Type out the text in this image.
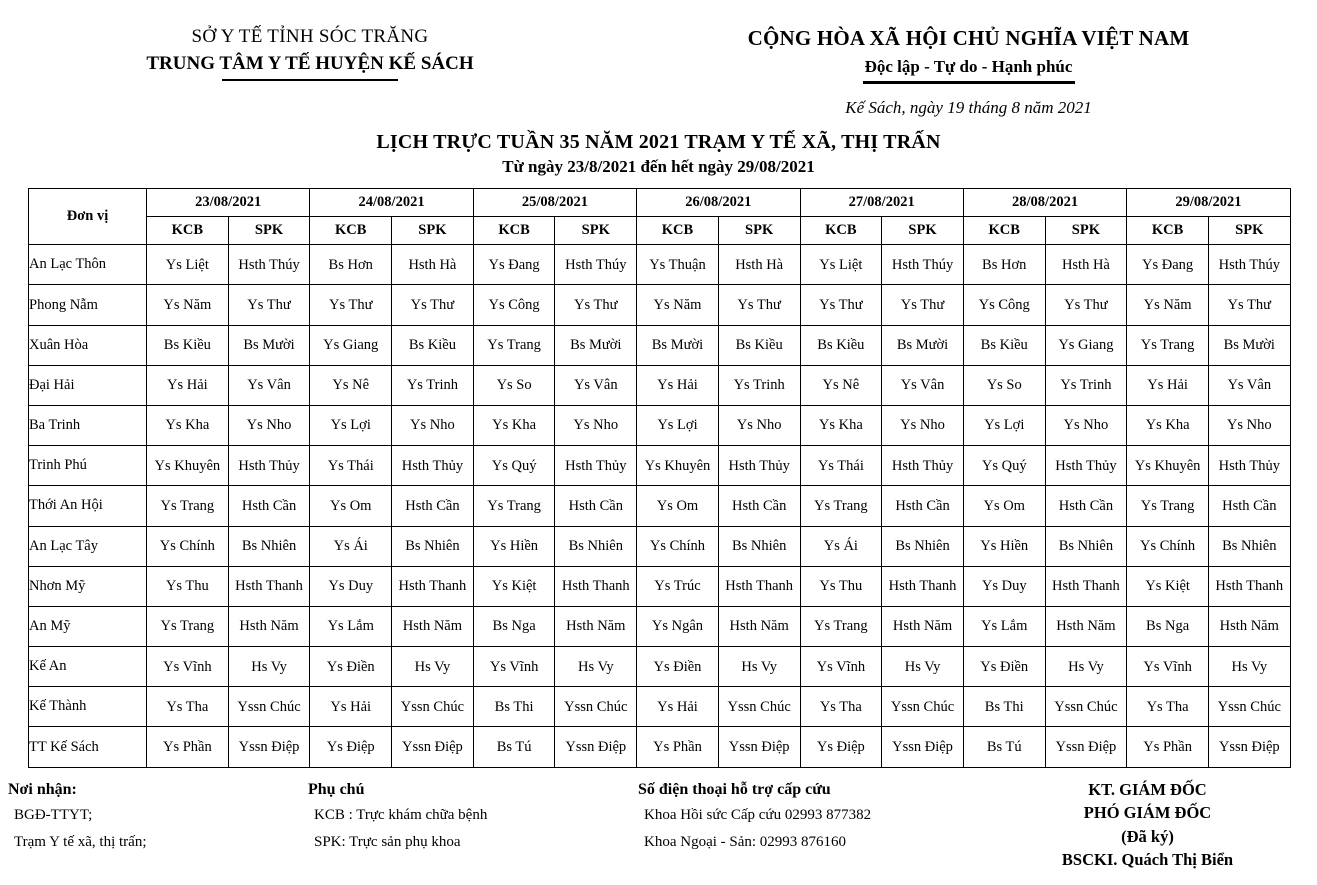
SỞ Y TẾ TỈNH SÓC TRĂNG
TRUNG TÂM Y TẾ HUYỆN KẾ SÁCH
CỘNG HÒA XÃ HỘI CHỦ NGHĨA VIỆT NAM
Độc lập - Tự do - Hạnh phúc
Kế Sách, ngày 19 tháng 8 năm 2021
LỊCH TRỰC TUẦN 35 NĂM 2021 TRẠM Y TẾ XÃ, THỊ TRẤN
Từ ngày 23/8/2021 đến hết ngày 29/08/2021
Đơn vị	23/08/2021		24/08/2021		25/08/2021		26/08/2021		27/08/2021		28/08/2021		29/08/2021	
	KCB	SPK	KCB	SPK	KCB	SPK	KCB	SPK	KCB	SPK	KCB	SPK	KCB	SPK
An Lạc Thôn	Ys Liệt	Hsth Thúy	Bs Hơn	Hsth Hà	Ys Đang	Hsth Thúy	Ys Thuận	Hsth Hà	Ys Liệt	Hsth Thúy	Bs Hơn	Hsth Hà	Ys Đang	Hsth Thúy
Phong Nẫm	Ys Năm	Ys Thư	Ys Thư	Ys Thư	Ys Công	Ys Thư	Ys Năm	Ys Thư	Ys Thư	Ys Thư	Ys Công	Ys Thư	Ys Năm	Ys Thư
Xuân Hòa	Bs Kiều	Bs Mười	Ys Giang	Bs Kiều	Ys Trang	Bs Mười	Bs Mười	Bs Kiều	Bs Kiều	Bs Mười	Bs Kiều	Ys Giang	Ys Trang	Bs Mười
Đại Hải	Ys Hải	Ys Vân	Ys Nê	Ys Trinh	Ys So	Ys Vân	Ys Hải	Ys Trinh	Ys Nê	Ys Vân	Ys So	Ys Trinh	Ys Hải	Ys Vân
Ba Trinh	Ys Kha	Ys Nho	Ys Lợi	Ys Nho	Ys Kha	Ys Nho	Ys Lợi	Ys Nho	Ys Kha	Ys Nho	Ys Lợi	Ys Nho	Ys Kha	Ys Nho
Trinh Phú	Ys Khuyên	Hsth Thủy	Ys Thái	Hsth Thủy	Ys Quý	Hsth Thủy	Ys Khuyên	Hsth Thủy	Ys Thái	Hsth Thủy	Ys Quý	Hsth Thủy	Ys Khuyên	Hsth Thủy
Thới An Hội	Ys Trang	Hsth Cần	Ys Om	Hsth Cần	Ys Trang	Hsth Cần	Ys Om	Hsth Cần	Ys Trang	Hsth Cần	Ys Om	Hsth Cần	Ys Trang	Hsth Cần
An Lạc Tây	Ys Chính	Bs Nhiên	Ys Ái	Bs Nhiên	Ys Hiền	Bs Nhiên	Ys Chính	Bs Nhiên	Ys Ái	Bs Nhiên	Ys Hiền	Bs Nhiên	Ys Chính	Bs Nhiên
Nhơn Mỹ	Ys Thu	Hsth Thanh	Ys Duy	Hsth Thanh	Ys Kiệt	Hsth Thanh	Ys Trúc	Hsth Thanh	Ys Thu	Hsth Thanh	Ys Duy	Hsth Thanh	Ys Kiệt	Hsth Thanh
An Mỹ	Ys Trang	Hsth Năm	Ys Lắm	Hsth Năm	Bs Nga	Hsth Năm	Ys Ngân	Hsth Năm	Ys Trang	Hsth Năm	Ys Lắm	Hsth Năm	Bs Nga	Hsth Năm
Kế An	Ys Vĩnh	Hs Vy	Ys Điền	Hs Vy	Ys Vĩnh	Hs Vy	Ys Điền	Hs Vy	Ys Vĩnh	Hs Vy	Ys Điền	Hs Vy	Ys Vĩnh	Hs Vy
Kế Thành	Ys Tha	Yssn Chúc	Ys Hải	Yssn Chúc	Bs Thi	Yssn Chúc	Ys Hải	Yssn Chúc	Ys Tha	Yssn Chúc	Bs Thi	Yssn Chúc	Ys Tha	Yssn Chúc
TT Kế Sách	Ys Phần	Yssn Điệp	Ys Điệp	Yssn Điệp	Bs Tú	Yssn Điệp	Ys Phần	Yssn Điệp	Ys Điệp	Yssn Điệp	Bs Tú	Yssn Điệp	Ys Phần	Yssn Điệp
Nơi nhận:
BGĐ-TTYT;
Trạm Y tế xã, thị trấn;
Phụ chú
KCB : Trực khám chữa bệnh
SPK: Trực sản phụ khoa
Số điện thoại hỗ trợ cấp cứu
Khoa Hồi sức Cấp cứu 02993 877382
Khoa Ngoại - Sản: 02993 876160
KT. GIÁM ĐỐC
PHÓ GIÁM ĐỐC
(Đã ký)
BSCKI. Quách Thị Biển
